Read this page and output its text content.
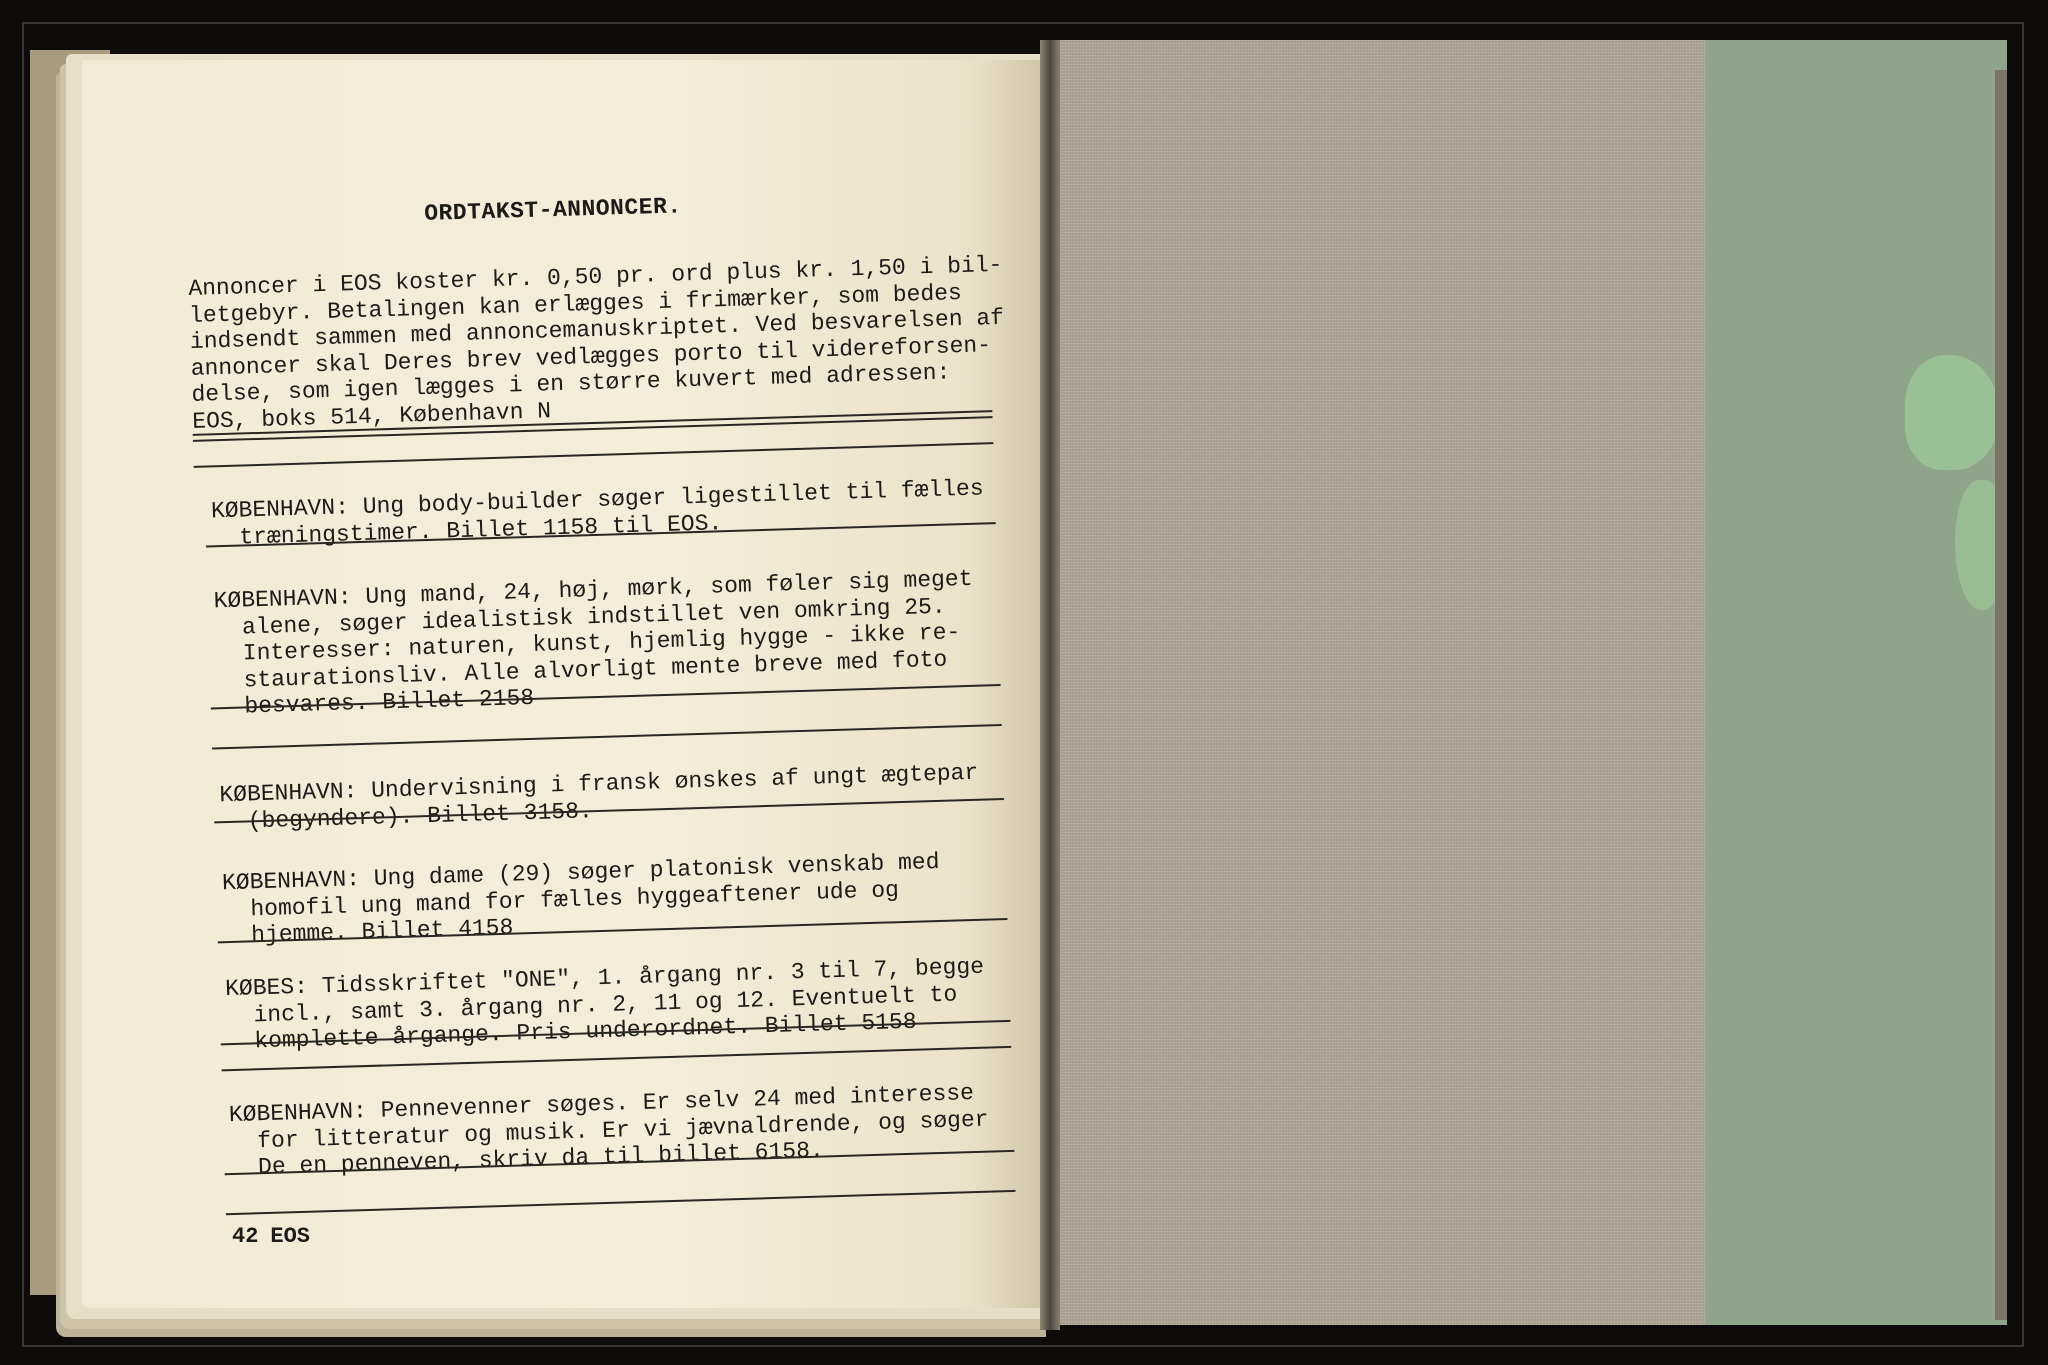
ORDTAKST-ANNONCER.
Annoncer i EOS koster kr. 0,50 pr. ord plus kr. 1,50 i bil-
letgebyr. Betalingen kan erlægges i frimærker, som bedes
indsendt sammen med annoncemanuskriptet. Ved besvarelsen af
annoncer skal Deres brev vedlægges porto til videreforsen-
delse, som igen lægges i en større kuvert med adressen:
EOS, boks 514, København N
KØBENHAVN: Ung body-builder søger ligestillet til fælles
træningstimer. Billet 1158 til EOS.
KØBENHAVN: Ung mand, 24, høj, mørk, som føler sig meget
alene, søger idealistisk indstillet ven omkring 25.
Interesser: naturen, kunst, hjemlig hygge - ikke re-
staurationsliv. Alle alvorligt mente breve med foto
besvares. Billet 2158
KØBENHAVN: Undervisning i fransk ønskes af ungt ægtepar
(begyndere). Billet 3158.
KØBENHAVN: Ung dame (29) søger platonisk venskab med
homofil ung mand for fælles hyggeaftener ude og
hjemme. Billet 4158
KØBES: Tidsskriftet "ONE", 1. årgang nr. 3 til 7, begge
incl., samt 3. årgang nr. 2, 11 og 12. Eventuelt to
komplette årgange. Pris underordnet. Billet 5158
KØBENHAVN: Pennevenner søges. Er selv 24 med interesse
for litteratur og musik. Er vi jævnaldrende, og søger
De en penneven, skriv da til billet 6158.
42 EOS
